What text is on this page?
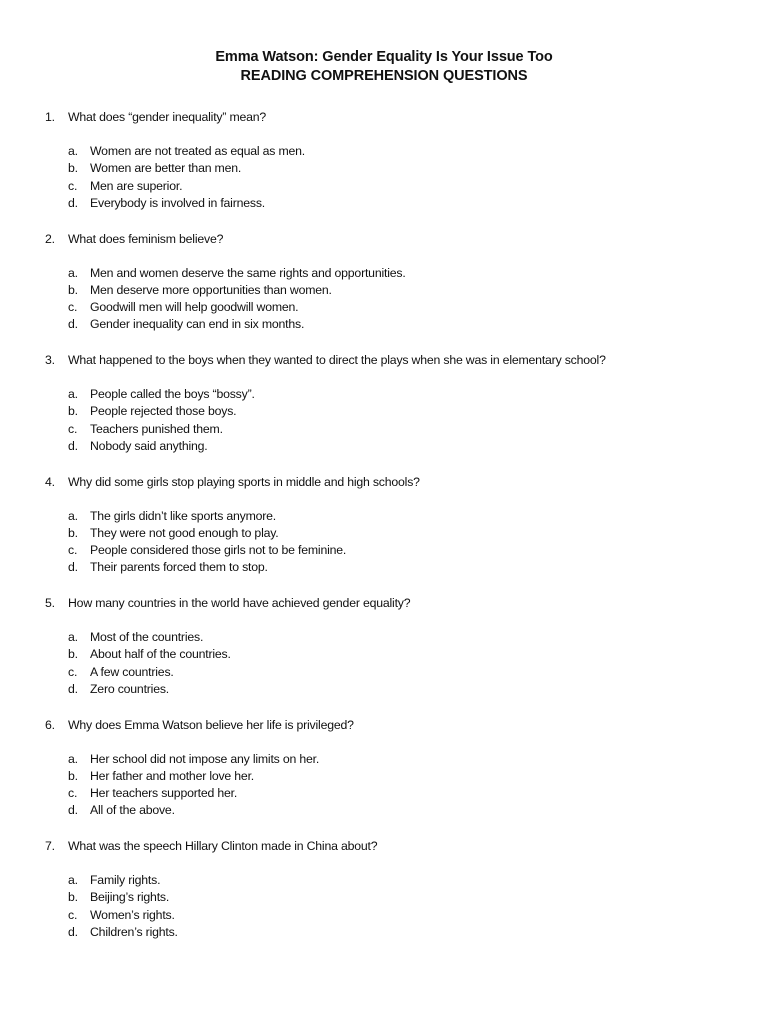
Emma Watson: Gender Equality Is Your Issue Too
READING COMPREHENSION QUESTIONS
1. What does “gender inequality” mean?
a. Women are not treated as equal as men.
b. Women are better than men.
c. Men are superior.
d. Everybody is involved in fairness.
2. What does feminism believe?
a. Men and women deserve the same rights and opportunities.
b. Men deserve more opportunities than women.
c. Goodwill men will help goodwill women.
d. Gender inequality can end in six months.
3. What happened to the boys when they wanted to direct the plays when she was in elementary school?
a. People called the boys “bossy”.
b. People rejected those boys.
c. Teachers punished them.
d. Nobody said anything.
4. Why did some girls stop playing sports in middle and high schools?
a. The girls didn’t like sports anymore.
b. They were not good enough to play.
c. People considered those girls not to be feminine.
d. Their parents forced them to stop.
5. How many countries in the world have achieved gender equality?
a. Most of the countries.
b. About half of the countries.
c. A few countries.
d. Zero countries.
6. Why does Emma Watson believe her life is privileged?
a. Her school did not impose any limits on her.
b. Her father and mother love her.
c. Her teachers supported her.
d. All of the above.
7. What was the speech Hillary Clinton made in China about?
a. Family rights.
b. Beijing’s rights.
c. Women’s rights.
d. Children’s rights.
